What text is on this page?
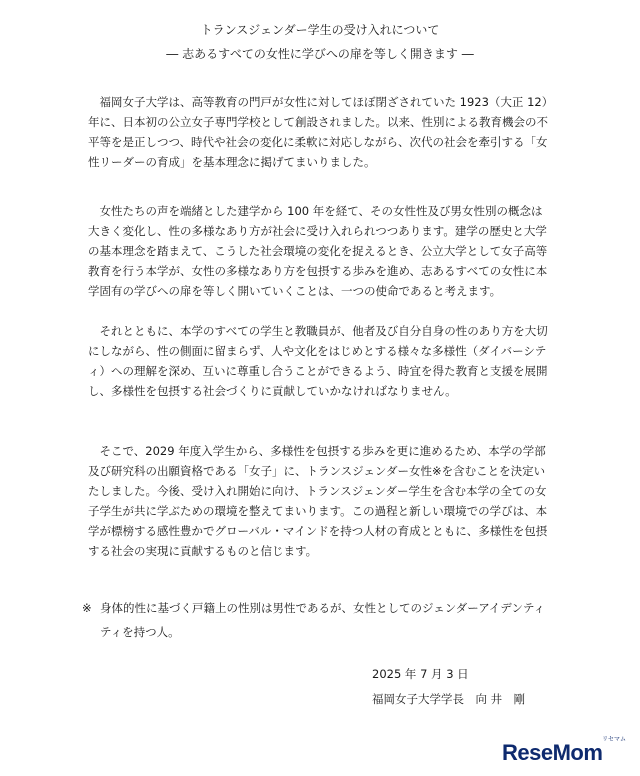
トランスジェンダー学生の受け入れについて
― 志あるすべての女性に学びへの扉を等しく開きます ―
福岡女子大学は、高等教育の門戸が女性に対してほぼ閉ざされていた 1923（大正 12）年に、日本初の公立女子専門学校として創設されました。以来、性別による教育機会の不平等を是正しつつ、時代や社会の変化に柔軟に対応しながら、次代の社会を牽引する「女性リーダーの育成」を基本理念に掲げてまいりました。
女性たちの声を端緒とした建学から 100 年を経て、その女性性及び男女性別の概念は大きく変化し、性の多様なあり方が社会に受け入れられつつあります。建学の歴史と大学の基本理念を踏まえて、こうした社会環境の変化を捉えるとき、公立大学として女子高等教育を行う本学が、女性の多様なあり方を包摂する歩みを進め、志あるすべての女性に本学固有の学びへの扉を等しく開いていくことは、一つの使命であると考えます。
それとともに、本学のすべての学生と教職員が、他者及び自分自身の性のあり方を大切にしながら、性の側面に留まらず、人や文化をはじめとする様々な多様性（ダイバーシティ）への理解を深め、互いに尊重し合うことができるよう、時宜を得た教育と支援を展開し、多様性を包摂する社会づくりに貢献していかなければなりません。
そこで、2029 年度入学生から、多様性を包摂する歩みを更に進めるため、本学の学部及び研究科の出願資格である「女子」に、トランスジェンダー女性※を含むことを決定いたしました。今後、受け入れ開始に向け、トランスジェンダー学生を含む本学の全ての女子学生が共に学ぶための環境を整えてまいります。この過程と新しい環境での学びは、本学が標榜する感性豊かでグローバル・マインドを持つ人材の育成とともに、多様性を包摂する社会の実現に貢献するものと信じます。
※ 身体的性に基づく戸籍上の性別は男性であるが、女性としてのジェンダーアイデンティティを持つ人。
2025 年 7 月 3 日
福岡女子大学学長　向 井　剛
リセマム
ReseMom
